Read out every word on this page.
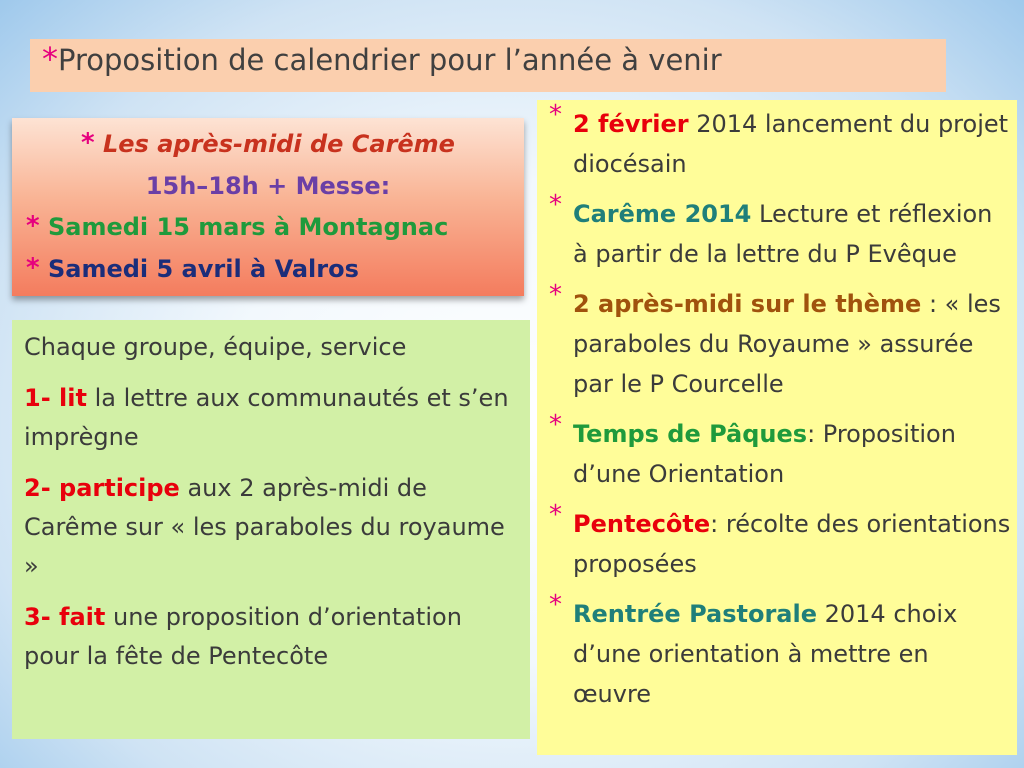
*Proposition de calendrier pour l’année à venir
* Les après-midi de Carême
15h–18h + Messe:
* Samedi 15 mars à Montagnac
* Samedi 5 avril à Valros

Chaque groupe, équipe, service

1- lit la lettre aux communautés et s’en imprègne

2- participe aux 2 après-midi de Carême sur « les paraboles du royaume »

3- fait une proposition d’orientation pour la fête de Pentecôte

* 2 février 2014 lancement du projet diocésain
* Carême 2014 Lecture et réflexion à partir de la lettre du P Evêque
* 2 après-midi sur le thème : « les paraboles du Royaume » assurée par le P Courcelle
* Temps de Pâques: Proposition d’une Orientation
* Pentecôte: récolte des orientations proposées
* Rentrée Pastorale 2014 choix d’une orientation à mettre en œuvre
